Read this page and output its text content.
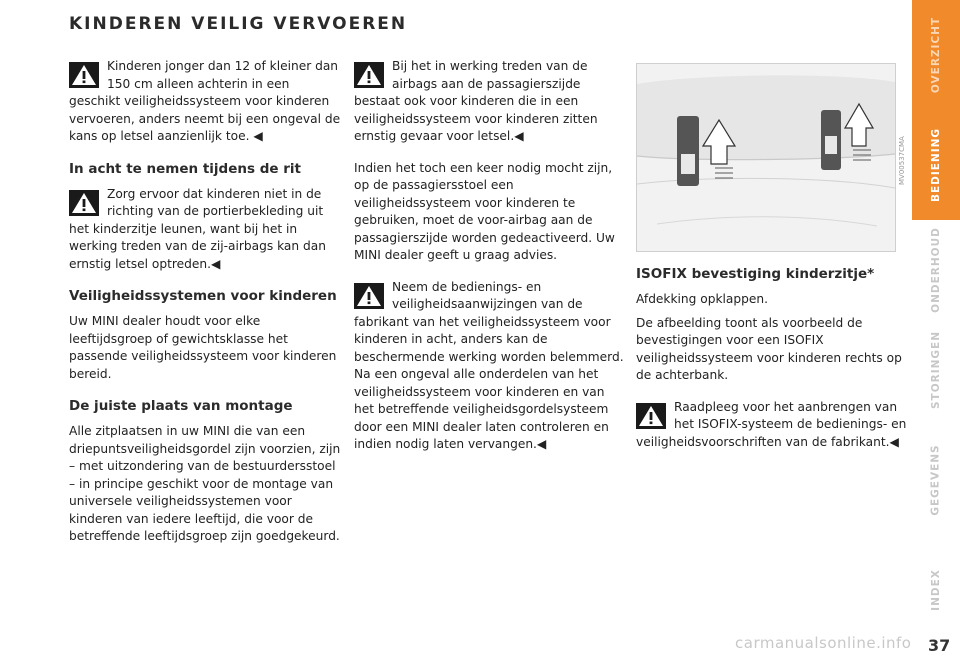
KINDEREN VEILIG VERVOEREN

Kinderen jonger dan 12 of kleiner dan 150 cm alleen achterin in een geschikt veiligheidssysteem voor kinderen vervoeren, anders neemt bij een ongeval de kans op letsel aanzienlijk toe. ◀

In acht te nemen tijdens de rit

Zorg ervoor dat kinderen niet in de richting van de portierbekleding uit het kinderzitje leunen, want bij het in werking treden van de zij-airbags kan dan ernstig letsel optreden.◀

Veiligheidssystemen voor kinderen

Uw MINI dealer houdt voor elke leeftijdsgroep of gewichtsklasse het passende veiligheidssysteem voor kinderen bereid.

De juiste plaats van montage

Alle zitplaatsen in uw MINI die van een driepuntsveiligheidsgordel zijn voorzien, zijn – met uitzondering van de bestuurdersstoel – in principe geschikt voor de montage van universele veiligheidssystemen voor kinderen van iedere leeftijd, die voor de betreffende leeftijdsgroep zijn goedgekeurd.

Bij het in werking treden van de airbags aan de passagierszijde bestaat ook voor kinderen die in een veiligheidssysteem voor kinderen zitten ernstig gevaar voor letsel.◀

Indien het toch een keer nodig mocht zijn, op de passagiersstoel een veiligheidssysteem voor kinderen te gebruiken, moet de voor-airbag aan de passagierszijde worden gedeactiveerd. Uw MINI dealer geeft u graag advies.

Neem de bedienings- en veiligheidsaanwijzingen van de fabrikant van het veiligheidssysteem voor kinderen in acht, anders kan de beschermende werking worden belemmerd. Na een ongeval alle onderdelen van het veiligheidssysteem voor kinderen en van het betreffende veiligheidsgordelsysteem door een MINI dealer laten controleren en indien nodig laten vervangen.◀

MV00537CMA
ISOFIX bevestiging kinderzitje*

Afdekking opklappen.

De afbeelding toont als voorbeeld de bevestigingen voor een ISOFIX veiligheidssysteem voor kinderen rechts op de achterbank.

Raadpleeg voor het aanbrengen van het ISOFIX-systeem de bedienings- en veiligheidsvoorschriften van de fabrikant.◀

OVERZICHT
BEDIENING
ONDERHOUD
STORINGEN
GEGEVENS
INDEX
carmanualsonline.info 37
